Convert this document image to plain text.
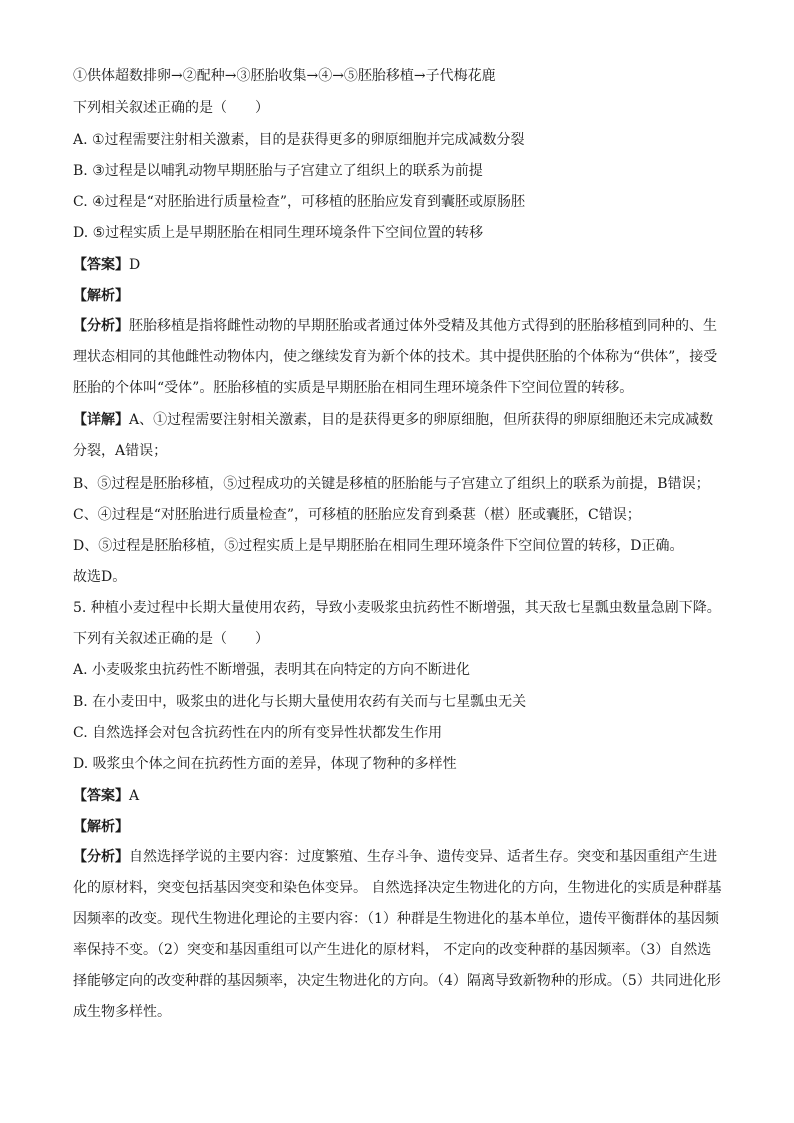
①供体超数排卵→②配种→③胚胎收集→④→⑤胚胎移植→子代梅花鹿
下列相关叙述正确的是（　　）
A. ①过程需要注射相关激素，目的是获得更多的卵原细胞并完成减数分裂
B. ③过程是以哺乳动物早期胚胎与子宫建立了组织上的联系为前提
C. ④过程是“对胚胎进行质量检查”，可移植的胚胎应发育到囊胚或原肠胚
D. ⑤过程实质上是早期胚胎在相同生理环境条件下空间位置的转移
【答案】D
【解析】
【分析】胚胎移植是指将雌性动物的早期胚胎或者通过体外受精及其他方式得到的胚胎移植到同种的、生理状态相同的其他雌性动物体内，使之继续发育为新个体的技术。其中提供胚胎的个体称为“供体”，接受胚胎的个体叫“受体”。胚胎移植的实质是早期胚胎在相同生理环境条件下空间位置的转移。
【详解】A、①过程需要注射相关激素，目的是获得更多的卵原细胞，但所获得的卵原细胞还未完成减数分裂，A错误；
B、⑤过程是胚胎移植，⑤过程成功的关键是移植的胚胎能与子宫建立了组织上的联系为前提，B错误；
C、④过程是“对胚胎进行质量检查”，可移植的胚胎应发育到桑葚（椹）胚或囊胚，C错误；
D、⑤过程是胚胎移植，⑤过程实质上是早期胚胎在相同生理环境条件下空间位置的转移，D正确。
故选D。
5. 种植小麦过程中长期大量使用农药，导致小麦吸浆虫抗药性不断增强，其天敌七星瓢虫数量急剧下降。
下列有关叙述正确的是（　　）
A. 小麦吸浆虫抗药性不断增强，表明其在向特定的方向不断进化
B. 在小麦田中，吸浆虫的进化与长期大量使用农药有关而与七星瓢虫无关
C. 自然选择会对包含抗药性在内的所有变异性状都发生作用
D. 吸浆虫个体之间在抗药性方面的差异，体现了物种的多样性
【答案】A
【解析】
【分析】自然选择学说的主要内容：过度繁殖、生存斗争、遗传变异、适者生存。突变和基因重组产生进化的原材料，突变包括基因突变和染色体变异。 自然选择决定生物进化的方向，生物进化的实质是种群基因频率的改变。现代生物进化理论的主要内容：（1）种群是生物进化的基本单位，遗传平衡群体的基因频率保持不变。（2）突变和基因重组可以产生进化的原材料， 不定向的改变种群的基因频率。（3）自然选择能够定向的改变种群的基因频率，决定生物进化的方向。（4）隔离导致新物种的形成。（5）共同进化形成生物多样性。
